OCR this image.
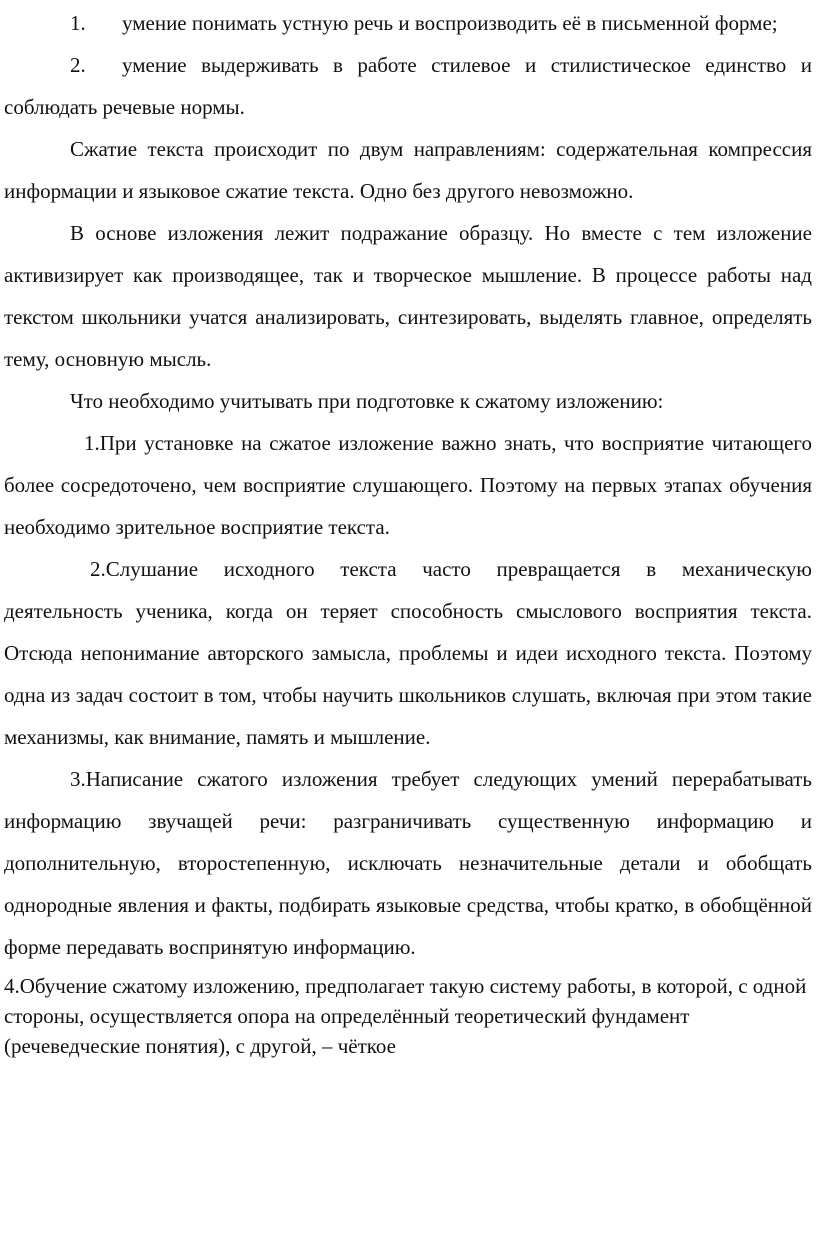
1. умение понимать устную речь и воспроизводить её в письменной форме;

2. умение выдерживать в работе стилевое и стилистическое единство и соблюдать речевые нормы.

Сжатие текста происходит по двум направлениям: содержательная компрессия информации и языковое сжатие текста. Одно без другого невозможно.

В основе изложения лежит подражание образцу. Но вместе с тем изложение активизирует как производящее, так и творческое мышление. В процессе работы над текстом школьники учатся анализировать, синтезировать, выделять главное, определять тему, основную мысль.

Что необходимо учитывать при подготовке к сжатому изложению:

1.При установке на сжатое изложение важно знать, что восприятие читающего более сосредоточено, чем восприятие слушающего. Поэтому на первых этапах обучения необходимо зрительное восприятие текста.

2.Слушание исходного текста часто превращается в механическую деятельность ученика, когда он теряет способность смыслового восприятия текста. Отсюда непонимание авторского замысла, проблемы и идеи исходного текста. Поэтому одна из задач состоит в том, чтобы научить школьников слушать, включая при этом такие механизмы, как внимание, память и мышление.

3.Написание сжатого изложения требует следующих умений перерабатывать информацию звучащей речи: разграничивать существенную информацию и дополнительную, второстепенную, исключать незначительные детали и обобщать однородные явления и факты, подбирать языковые средства, чтобы кратко, в обобщённой форме передавать воспринятую информацию.

4.Обучение сжатому изложению, предполагает такую систему работы, в которой, с одной стороны, осуществляется опора на определённый теоретический фундамент (речеведческие понятия), с другой, – чёткое
